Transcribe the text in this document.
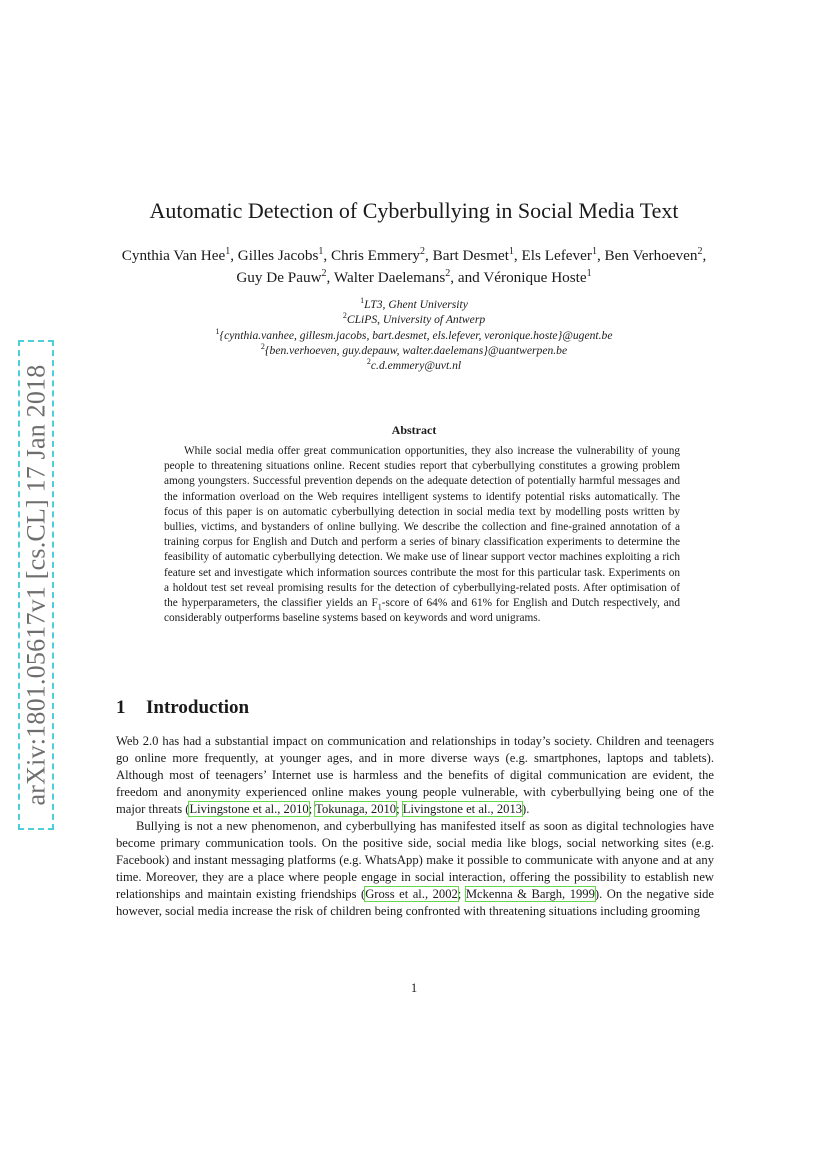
arXiv:1801.05617v1 [cs.CL] 17 Jan 2018
Automatic Detection of Cyberbullying in Social Media Text
Cynthia Van Hee$^1$, Gilles Jacobs$^1$, Chris Emmery$^2$, Bart Desmet$^1$, Els Lefever$^1$, Ben Verhoeven$^2$, Guy De Pauw$^2$, Walter Daelemans$^2$, and Véronique Hoste$^1$
$^1$LT3, Ghent University
$^2$CLiPS, University of Antwerp
$^1${cynthia.vanhee, gillesm.jacobs, bart.desmet, els.lefever, veronique.hoste}@ugent.be
$^2${ben.verhoeven, guy.depauw, walter.daelemans}@uantwerpen.be
$^2$c.d.emmery@uvt.nl
Abstract

While social media offer great communication opportunities, they also increase the vulnerability of young people to threatening situations online. Recent studies report that cyberbullying constitutes a growing problem among youngsters. Successful prevention depends on the adequate detection of potentially harmful messages and the information overload on the Web requires intelligent systems to identify potential risks automatically. The focus of this paper is on automatic cyberbullying detection in social media text by modelling posts written by bullies, victims, and bystanders of online bullying. We describe the collection and fine-grained annotation of a training corpus for English and Dutch and perform a series of binary classification experiments to determine the feasibility of automatic cyberbullying detection. We make use of linear support vector machines exploiting a rich feature set and investigate which information sources contribute the most for this particular task. Experiments on a holdout test set reveal promising results for the detection of cyberbullying-related posts. After optimisation of the hyperparameters, the classifier yields an $F_1$-score of 64% and 61% for English and Dutch respectively, and considerably outperforms baseline systems based on keywords and word unigrams.

1 Introduction

Web 2.0 has had a substantial impact on communication and relationships in today’s society. Children and teenagers go online more frequently, at younger ages, and in more diverse ways (e.g. smartphones, laptops and tablets). Although most of teenagers’ Internet use is harmless and the benefits of digital communication are evident, the freedom and anonymity experienced online makes young people vulnerable, with cyberbullying being one of the major threats (Livingstone et al., 2010; Tokunaga, 2010; Livingstone et al., 2013).

Bullying is not a new phenomenon, and cyberbullying has manifested itself as soon as digital technologies have become primary communication tools. On the positive side, social media like blogs, social networking sites (e.g. Facebook) and instant messaging platforms (e.g. WhatsApp) make it possible to communicate with anyone and at any time. Moreover, they are a place where people engage in social interaction, offering the possibility to establish new relationships and maintain existing friendships (Gross et al., 2002; Mckenna & Bargh, 1999). On the negative side however, social media increase the risk of children being confronted with threatening situations including grooming

1
